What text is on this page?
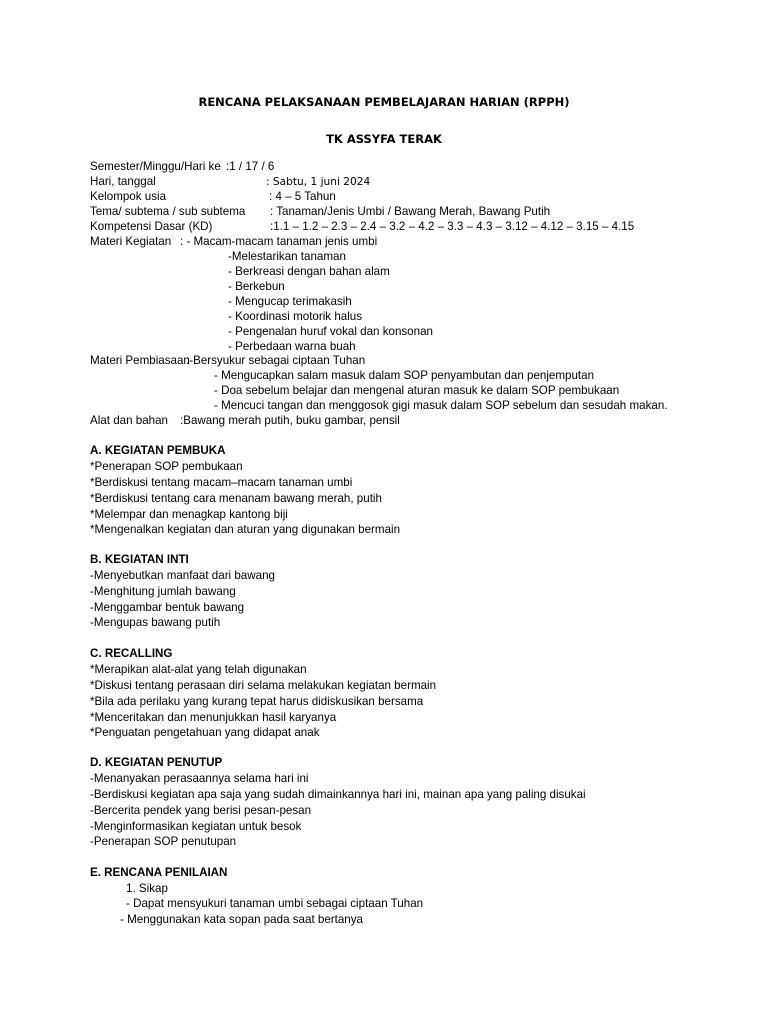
RENCANA PELAKSANAAN PEMBELAJARAN HARIAN (RPPH)
TK ASSYFA TERAK
Semester/Minggu/Hari ke :1 / 17 / 6
Hari, tanggal	: Sabtu, 1 juni 2024
Kelompok usia	: 4 – 5 Tahun
Tema/ subtema / sub subtema : Tanaman/Jenis Umbi / Bawang Merah, Bawang Putih
Kompetensi Dasar (KD)	:1.1 – 1.2 – 2.3 – 2.4 – 3.2 – 4.2 – 3.3 – 4.3 – 3.12 – 4.12 – 3.15 – 4.15
Materi Kegiatan : - Macam-macam tanaman jenis umbi
-Melestarikan tanaman
- Berkreasi dengan bahan alam
- Berkebun
- Mengucap terimakasih
- Koordinasi motorik halus
- Pengenalan huruf vokal dan konsonan
- Perbedaan warna buah
Materi Pembiasaan
:-Bersyukur sebagai ciptaan Tuhan
- Mengucapkan salam masuk dalam SOP penyambutan dan penjemputan
- Doa sebelum belajar dan mengenal aturan masuk ke dalam SOP pembukaan
- Mencuci tangan dan menggosok gigi masuk dalam SOP sebelum dan sesudah makan.
Alat dan bahan :Bawang merah putih, buku gambar, pensil
A. KEGIATAN PEMBUKA
*Penerapan SOP pembukaan
*Berdiskusi tentang macam–macam tanaman umbi
*Berdiskusi tentang cara menanam bawang merah, putih
*Melempar dan menagkap kantong biji
*Mengenalkan kegiatan dan aturan yang digunakan bermain
B. KEGIATAN INTI
-Menyebutkan manfaat dari bawang
-Menghitung jumlah bawang
-Menggambar bentuk bawang
-Mengupas bawang putih
C. RECALLING
*Merapikan alat-alat yang telah digunakan
*Diskusi tentang perasaan diri selama melakukan kegiatan bermain
*Bila ada perilaku yang kurang tepat harus didiskusikan bersama
*Menceritakan dan menunjukkan hasil karyanya
*Penguatan pengetahuan yang didapat anak
D. KEGIATAN PENUTUP
-Menanyakan perasaannya selama hari ini
-Berdiskusi kegiatan apa saja yang sudah dimainkannya hari ini, mainan apa yang paling disukai
-Bercerita pendek yang berisi pesan-pesan
-Menginformasikan kegiatan untuk besok
-Penerapan SOP penutupan
E. RENCANA PENILAIAN
1. Sikap
- Dapat mensyukuri tanaman umbi sebagai ciptaan Tuhan
- Menggunakan kata sopan pada saat bertanya
